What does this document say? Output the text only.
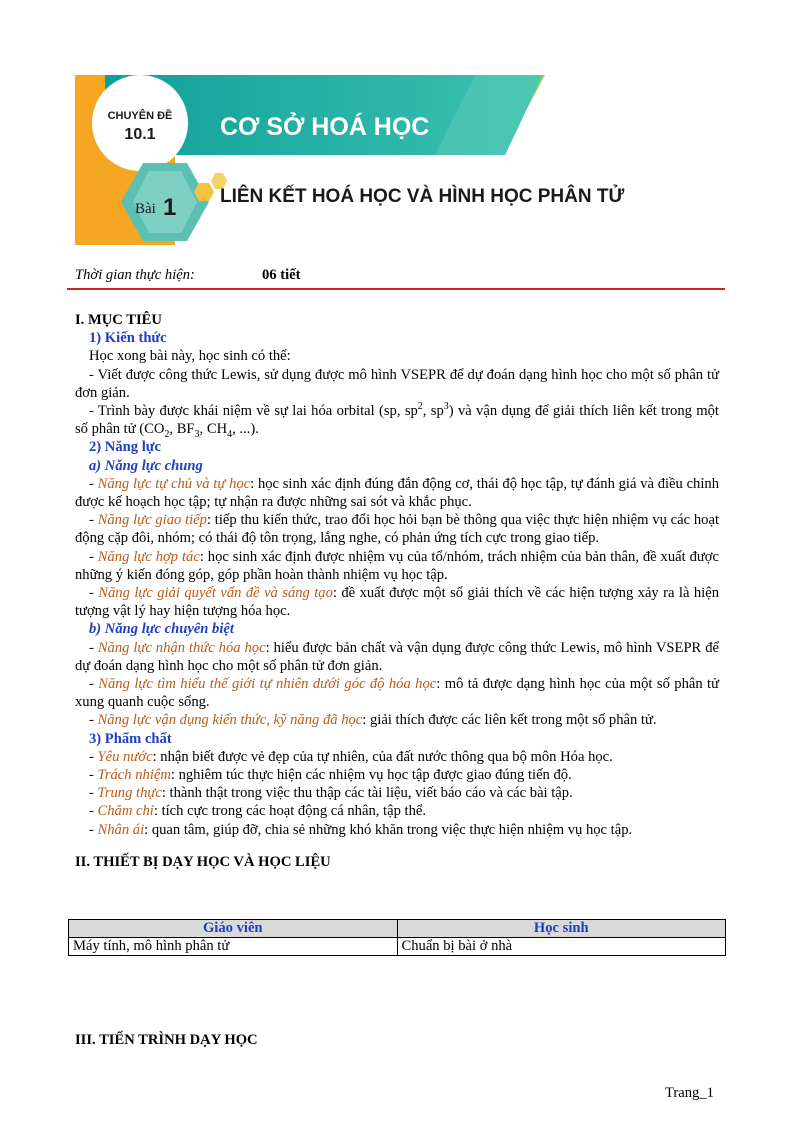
CHUYÊN ĐỀ
10.1	CƠ SỞ HOÁ HỌC
Bài 1 LIÊN KẾT HOÁ HỌC VÀ HÌNH HỌC PHÂN TỬ
Thời gian thực hiện:	06 tiết

I. MỤC TIÊU

1) Kiến thức

Học xong bài này, học sinh có thể:

- Viết được công thức Lewis, sử dụng được mô hình VSEPR để dự đoán dạng hình học cho một số phân tử đơn giản.

- Trình bày được khái niệm về sự lai hóa orbital (sp, $sp^2$, $sp^3$) và vận dụng để giải thích liên kết trong một số phân tử ($CO_2$, $BF_3$, $CH_4$, ...).

2) Năng lực

a) Năng lực chung

- Năng lực tự chủ và tự học: học sinh xác định đúng đắn động cơ, thái độ học tập, tự đánh giá và điều chỉnh được kế hoạch học tập; tự nhận ra được những sai sót và khắc phục.

- Năng lực giao tiếp: tiếp thu kiến thức, trao đổi học hỏi bạn bè thông qua việc thực hiện nhiệm vụ các hoạt động cặp đôi, nhóm; có thái độ tôn trọng, lắng nghe, có phản ứng tích cực trong giao tiếp.

- Năng lực hợp tác: học sinh xác định được nhiệm vụ của tổ/nhóm, trách nhiệm của bản thân, đề xuất được những ý kiến đóng góp, góp phần hoàn thành nhiệm vụ học tập.

- Năng lực giải quyết vấn đề và sáng tạo: đề xuất được một số giải thích về các hiện tượng xảy ra là hiện tượng vật lý hay hiện tượng hóa học.

b) Năng lực chuyên biệt

- Năng lực nhận thức hóa học: hiểu được bản chất và vận dụng được công thức Lewis, mô hình VSEPR để dự đoán dạng hình học cho một số phân tử đơn giản.

- Năng lực tìm hiểu thế giới tự nhiên dưới góc độ hóa học: mô tả được dạng hình học của một số phân tử xung quanh cuộc sống.

- Năng lực vận dụng kiến thức, kỹ năng đã học: giải thích được các liên kết trong một số phân tử.

3) Phẩm chất

- Yêu nước: nhận biết được vẻ đẹp của tự nhiên, của đất nước thông qua bộ môn Hóa học.

- Trách nhiệm: nghiêm túc thực hiện các nhiệm vụ học tập được giao đúng tiến độ.

- Trung thực: thành thật trong việc thu thập các tài liệu, viết báo cáo và các bài tập.

- Chăm chỉ: tích cực trong các hoạt động cá nhân, tập thể.

- Nhân ái: quan tâm, giúp đỡ, chia sẻ những khó khăn trong việc thực hiện nhiệm vụ học tập.

II. THIẾT BỊ DẠY HỌC VÀ HỌC LIỆU

Giáo viên	Học sinh
Máy tính, mô hình phân tử	Chuẩn bị bài ở nhà
III. TIẾN TRÌNH DẠY HỌC
Trang_1
